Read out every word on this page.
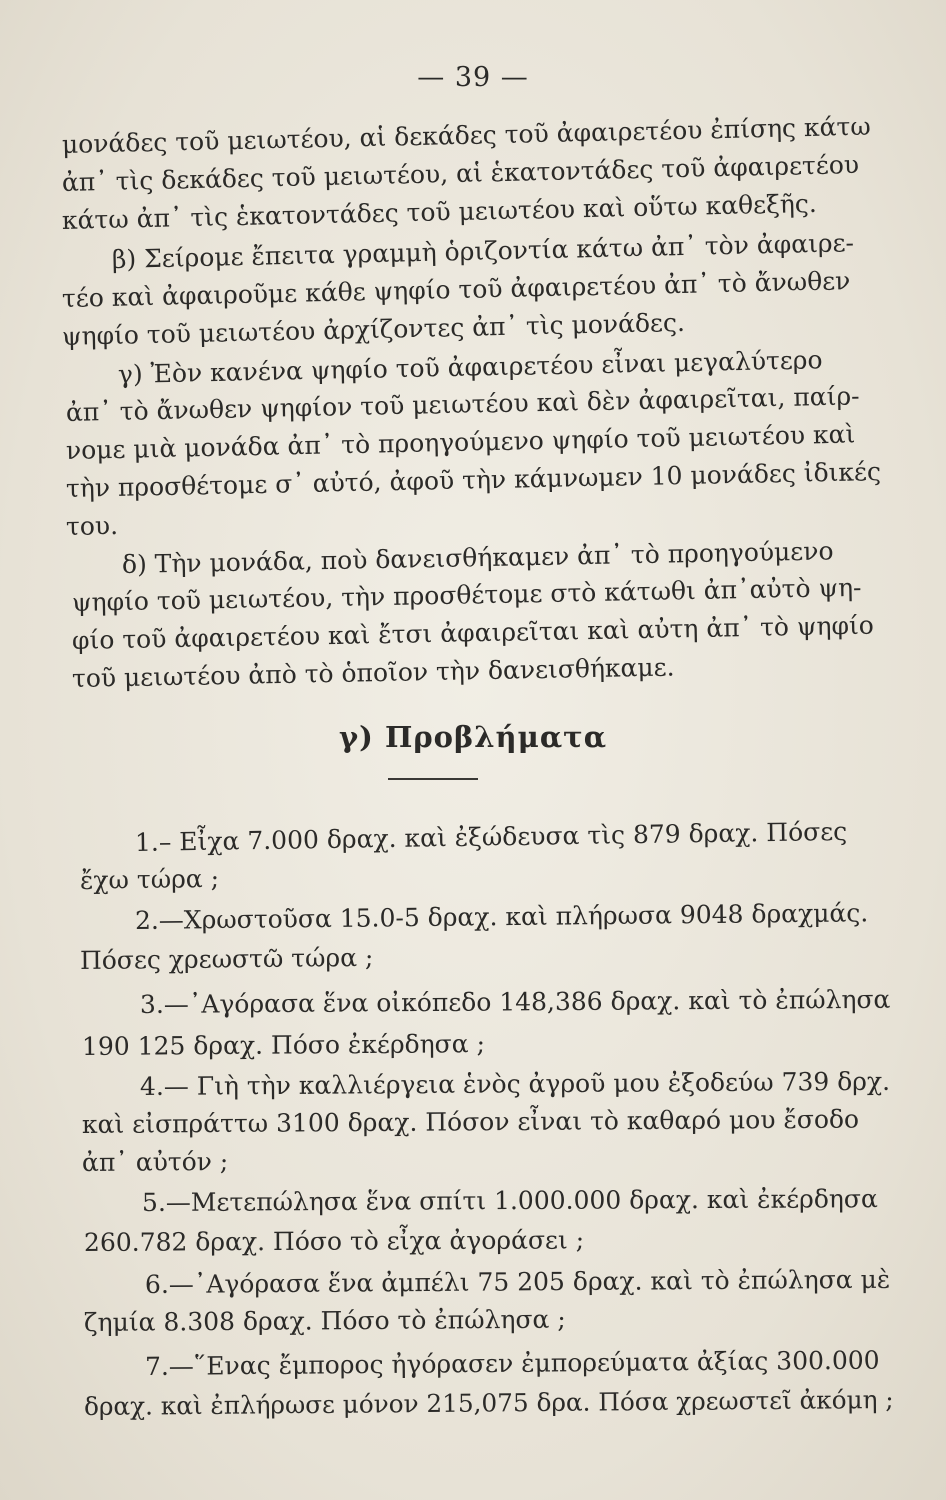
— 39 —
μονάδες τοῦ μειωτέου, αἱ δεκάδες τοῦ ἀφαιρετέου ἐπίσης κάτω
ἀπ᾽ τὶς δεκάδες τοῦ μειωτέου, αἱ ἑκατοντάδες τοῦ ἀφαιρετέου
κάτω ἀπ᾽ τὶς ἑκατοντάδες τοῦ μειωτέου καὶ οὕτω καθεξῆς.
β) Σείρομε ἔπειτα γραμμὴ ὁριζοντία κάτω ἀπ᾽ τὸν ἀφαιρε-
τέο καὶ ἀφαιροῦμε κάθε ψηφίο τοῦ ἀφαιρετέου ἀπ᾽ τὸ ἄνωθεν
ψηφίο τοῦ μειωτέου ἀρχίζοντες ἀπ᾽ τὶς μονάδες.
γ) Ἐὸν κανένα ψηφίο τοῦ ἀφαιρετέου εἶναι μεγαλύτερο
ἀπ᾽ τὸ ἄνωθεν ψηφίον τοῦ μειωτέου καὶ δὲν ἀφαιρεῖται, παίρ-
νομε μιὰ μονάδα ἀπ᾽ τὸ προηγούμενο ψηφίο τοῦ μειωτέου καὶ
τὴν προσθέτομε σ᾽ αὐτό, ἀφοῦ τὴν κάμνωμεν 10 μονάδες ἰδικές
του.
δ) Τὴν μονάδα, ποὺ δανεισθήκαμεν ἀπ᾽ τὸ προηγούμενο
ψηφίο τοῦ μειωτέου, τὴν προσθέτομε στὸ κάτωθι ἀπ᾽αὐτὸ ψη-
φίο τοῦ ἀφαιρετέου καὶ ἔτσι ἀφαιρεῖται καὶ αὐτη ἀπ᾽ τὸ ψηφίο
τοῦ μειωτέου ἀπὸ τὸ ὁποῖον τὴν δανεισθήκαμε.
γ) Προβλήματα
1.– Εἶχα 7.000 δραχ. καὶ ἐξώδευσα τὶς 879 δραχ. Πόσες
ἔχω τώρα ;
2.—Χρωστοῦσα 15.0-5 δραχ. καὶ πλήρωσα 9048 δραχμάς.
Πόσες χρεωστῶ τώρα ;
3.—᾽Αγόρασα ἕνα οἰκόπεδο 148,386 δραχ. καὶ τὸ ἐπώλησα
190 125 δραχ. Πόσο ἐκέρδησα ;
4.— Γιὴ τὴν καλλιέργεια ἑνὸς ἀγροῦ μου ἐξοδεύω 739 δρχ.
καὶ εἰσπράττω 3100 δραχ. Πόσον εἶναι τὸ καθαρό μου ἔσοδο
ἀπ᾽ αὐτόν ;
5.—Μετεπώλησα ἕνα σπίτι 1.000.000 δραχ. καὶ ἐκέρδησα
260.782 δραχ. Πόσο τὸ εἶχα ἀγοράσει ;
6.—᾽Αγόρασα ἕνα ἀμπέλι 75 205 δραχ. καὶ τὸ ἐπώλησα μὲ
ζημία 8.308 δραχ. Πόσο τὸ ἐπώλησα ;
7.—῞Ενας ἔμπορος ἠγόρασεν ἐμπορεύματα ἀξίας 300.000
δραχ. καὶ ἐπλήρωσε μόνον 215,075 δρα. Πόσα χρεωστεῖ ἀκόμη ;
